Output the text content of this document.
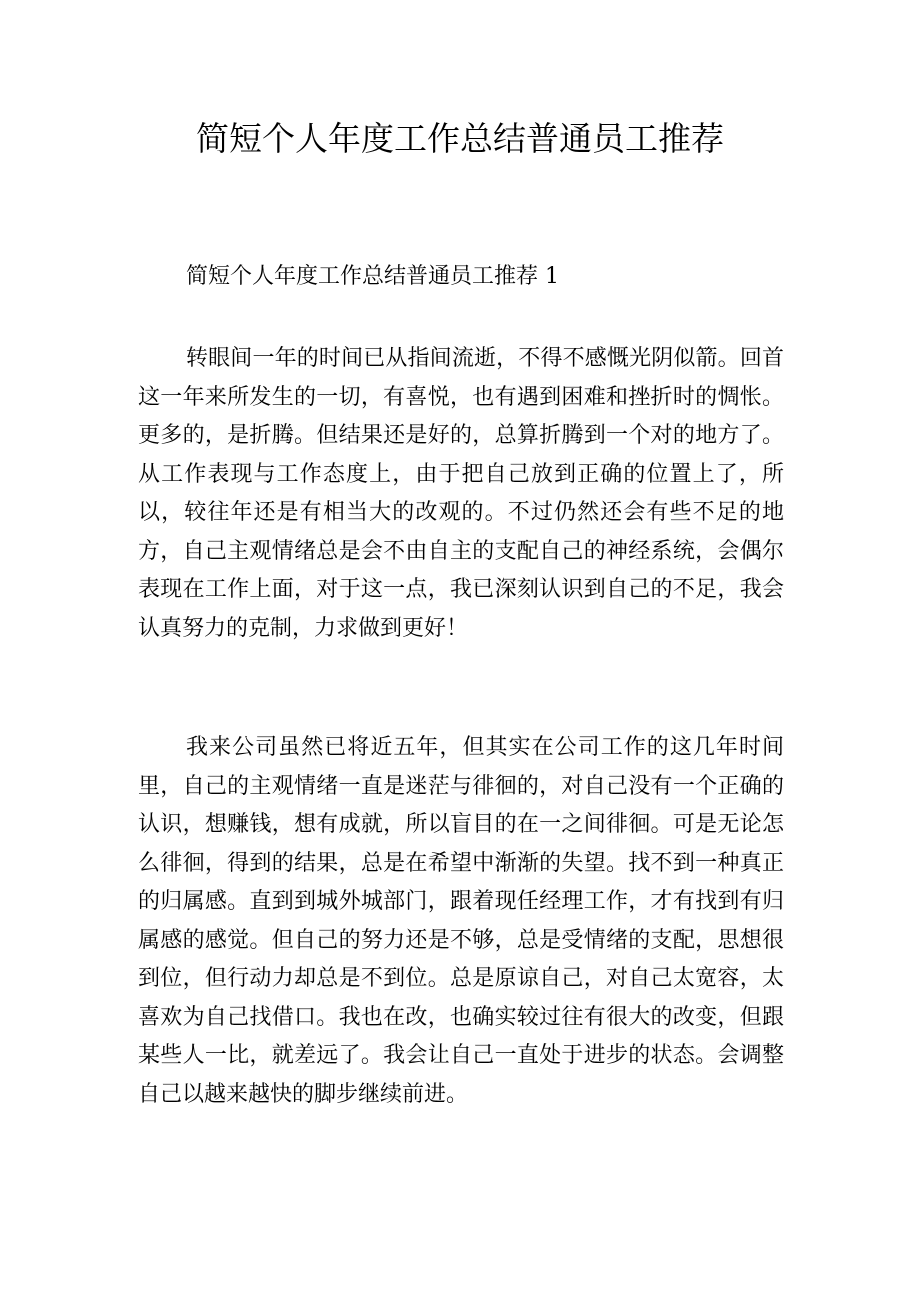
简短个人年度工作总结普通员工推荐
简短个人年度工作总结普通员工推荐 1

转眼间一年的时间已从指间流逝，不得不感慨光阴似箭。回首这一年来所发生的一切，有喜悦，也有遇到困难和挫折时的惆怅。更多的，是折腾。但结果还是好的，总算折腾到一个对的地方了。从工作表现与工作态度上，由于把自己放到正确的位置上了，所以，较往年还是有相当大的改观的。不过仍然还会有些不足的地方，自己主观情绪总是会不由自主的支配自己的神经系统，会偶尔表现在工作上面，对于这一点，我已深刻认识到自己的不足，我会认真努力的克制，力求做到更好！

我来公司虽然已将近五年，但其实在公司工作的这几年时间里，自己的主观情绪一直是迷茫与徘徊的，对自己没有一个正确的认识，想赚钱，想有成就，所以盲目的在一之间徘徊。可是无论怎么徘徊，得到的结果，总是在希望中渐渐的失望。找不到一种真正的归属感。直到到城外城部门，跟着现任经理工作，才有找到有归属感的感觉。但自己的努力还是不够，总是受情绪的支配，思想很到位，但行动力却总是不到位。总是原谅自己，对自己太宽容，太喜欢为自己找借口。我也在改，也确实较过往有很大的改变，但跟某些人一比，就差远了。我会让自己一直处于进步的状态。会调整自己以越来越快的脚步继续前进。
